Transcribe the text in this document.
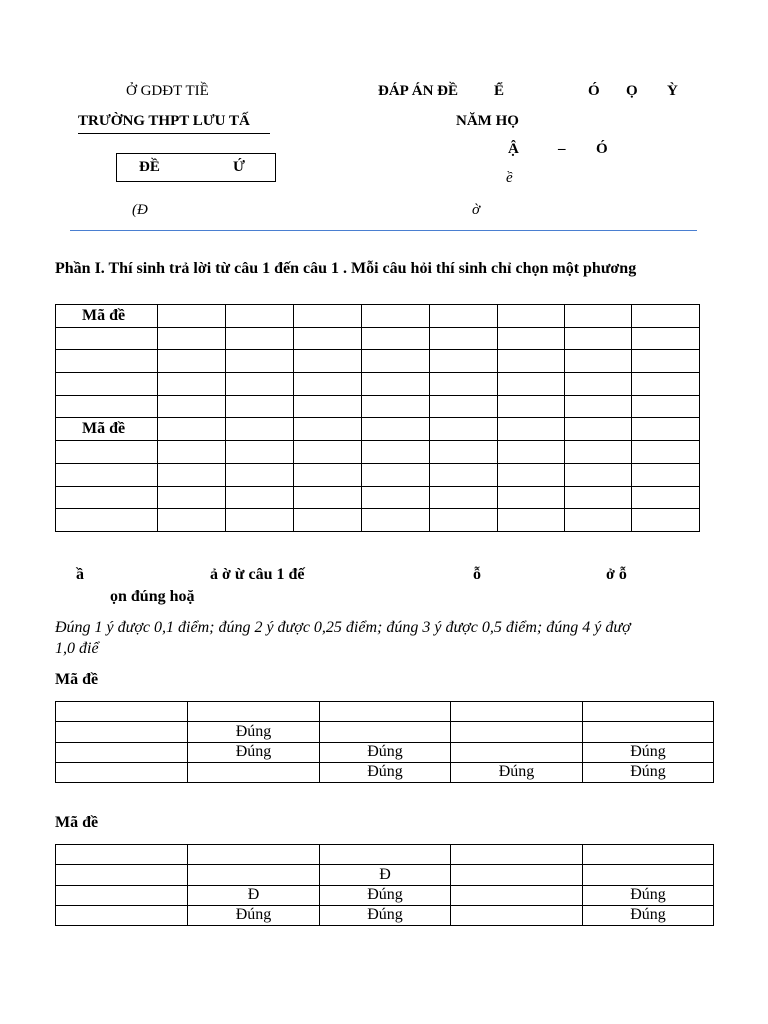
Ở GDĐT TIỀ
TRƯỜNG THPT LƯU TẤ
ĐỀ	Ứ
(Đ
ĐÁP ÁN ĐỀ Ể	Ó Ọ Ỳ
NĂM HỌ
Ậ	– Ó
ề
ờ
Phần I. Thí sinh trả lời từ câu 1 đến câu 1 . Mỗi câu hỏi thí sinh chỉ chọn một phương
Mã đề								

Mã đề								

ầ	ả ờ ừ câu 1 đế	ỗ	ở ỗ
ọn đúng hoặ
Đúng 1 ý được 0,1 điểm; đúng 2 ý được 0,25 điểm; đúng 3 ý được 0,5 điểm; đúng 4 ý đượ
1,0 điể
Mã đề

	Đúng			
	Đúng	Đúng		Đúng
		Đúng	Đúng	Đúng
Mã đề

		Đ		
	Đ	Đúng		Đúng
	Đúng	Đúng		Đúng
